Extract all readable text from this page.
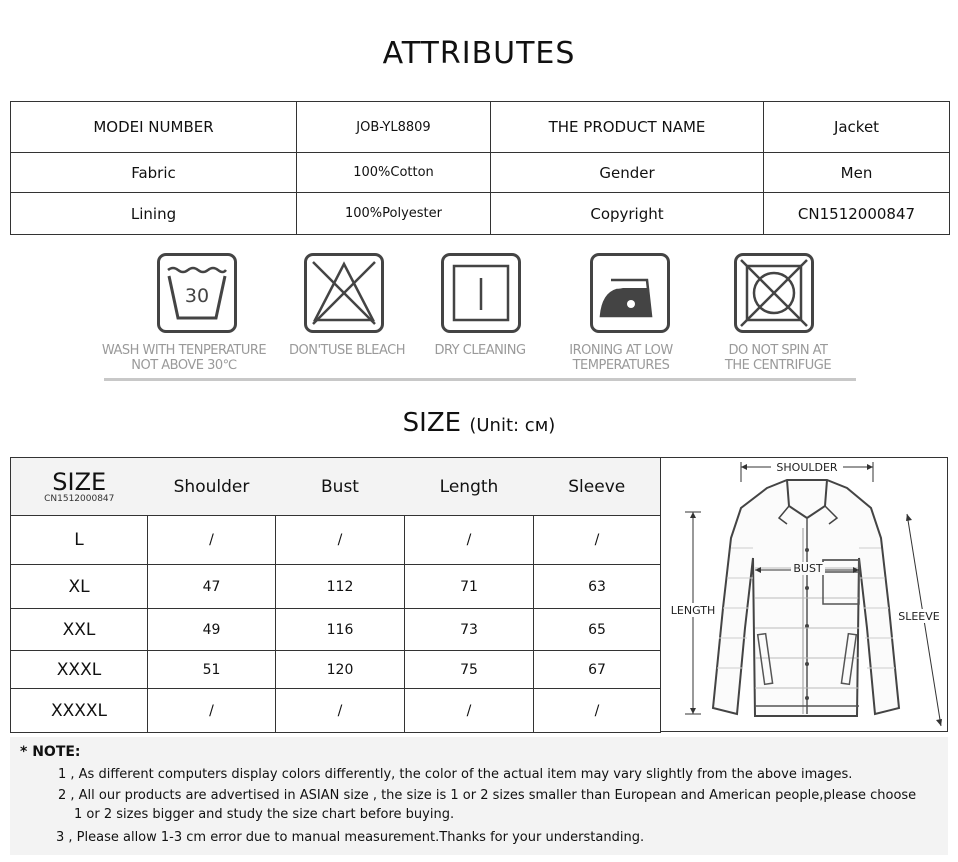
ATTRIBUTES
MODEI NUMBER	JOB-YL8809	THE PRODUCT NAME	Jacket
Fabric	100%Cotton	Gender	Men
Lining	100%Polyester	Copyright	CN1512000847
30
WASH WITH TENPERATURE
NOT ABOVE 30℃
DON'TUSE BLEACH	DRY CLEANING	IRONING AT LOW
TEMPERATURES
DO NOT SPIN AT
THE CENTRIFUGE
SIZE (Unit: cм)
SIZE
CN1512000847	Shoulder	Bust	Length	Sleeve
L	/	/	/	/
XL	47	112	71	63
XXL	49	116	73	65
XXXL	51	120	75	67
XXXXL	/	/	/	/
SHOULDER
BUST
LENGTH	SLEEVE
* NOTE:
1 , As different computers display colors differently, the color of the actual item may vary slightly from the above images.
2 , All our products are advertised in ASIAN size , the size is 1 or 2 sizes smaller than European and American people,please choose
1 or 2 sizes bigger and study the size chart before buying.
3 , Please allow 1-3 cm error due to manual measurement.Thanks for your understanding.
